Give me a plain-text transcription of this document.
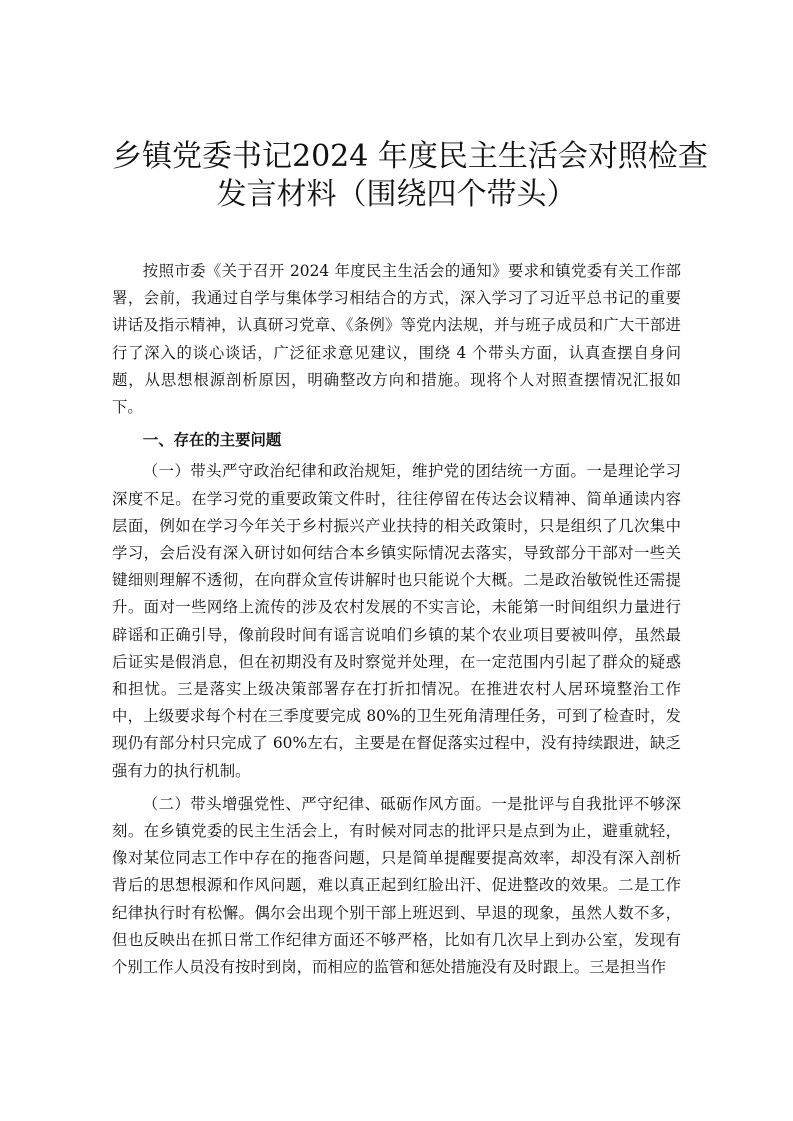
乡镇党委书记2024 年度民主生活会对照检查
发言材料（围绕四个带头）

按照市委《关于召开 2024 年度民主生活会的通知》要求和镇党委有关工作部署，会前，我通过自学与集体学习相结合的方式，深入学习了习近平总书记的重要讲话及指示精神，认真研习党章、《条例》等党内法规，并与班子成员和广大干部进行了深入的谈心谈话，广泛征求意见建议，围绕 4 个带头方面，认真查摆自身问题，从思想根源剖析原因，明确整改方向和措施。现将个人对照查摆情况汇报如下。

一、存在的主要问题

（一）带头严守政治纪律和政治规矩，维护党的团结统一方面。一是理论学习深度不足。在学习党的重要政策文件时，往往停留在传达会议精神、简单通读内容层面，例如在学习今年关于乡村振兴产业扶持的相关政策时，只是组织了几次集中学习，会后没有深入研讨如何结合本乡镇实际情况去落实，导致部分干部对一些关键细则理解不透彻，在向群众宣传讲解时也只能说个大概。二是政治敏锐性还需提升。面对一些网络上流传的涉及农村发展的不实言论，未能第一时间组织力量进行辟谣和正确引导，像前段时间有谣言说咱们乡镇的某个农业项目要被叫停，虽然最后证实是假消息，但在初期没有及时察觉并处理，在一定范围内引起了群众的疑惑和担忧。三是落实上级决策部署存在打折扣情况。在推进农村人居环境整治工作中，上级要求每个村在三季度要完成 80%的卫生死角清理任务，可到了检查时，发现仍有部分村只完成了 60%左右，主要是在督促落实过程中，没有持续跟进，缺乏强有力的执行机制。

（二）带头增强党性、严守纪律、砥砺作风方面。一是批评与自我批评不够深刻。在乡镇党委的民主生活会上，有时候对同志的批评只是点到为止，避重就轻，像对某位同志工作中存在的拖沓问题，只是简单提醒要提高效率，却没有深入剖析背后的思想根源和作风问题，难以真正起到红脸出汗、促进整改的效果。二是工作纪律执行时有松懈。偶尔会出现个别干部上班迟到、早退的现象，虽然人数不多，但也反映出在抓日常工作纪律方面还不够严格，比如有几次早上到办公室，发现有个别工作人员没有按时到岗，而相应的监管和惩处措施没有及时跟上。三是担当作
